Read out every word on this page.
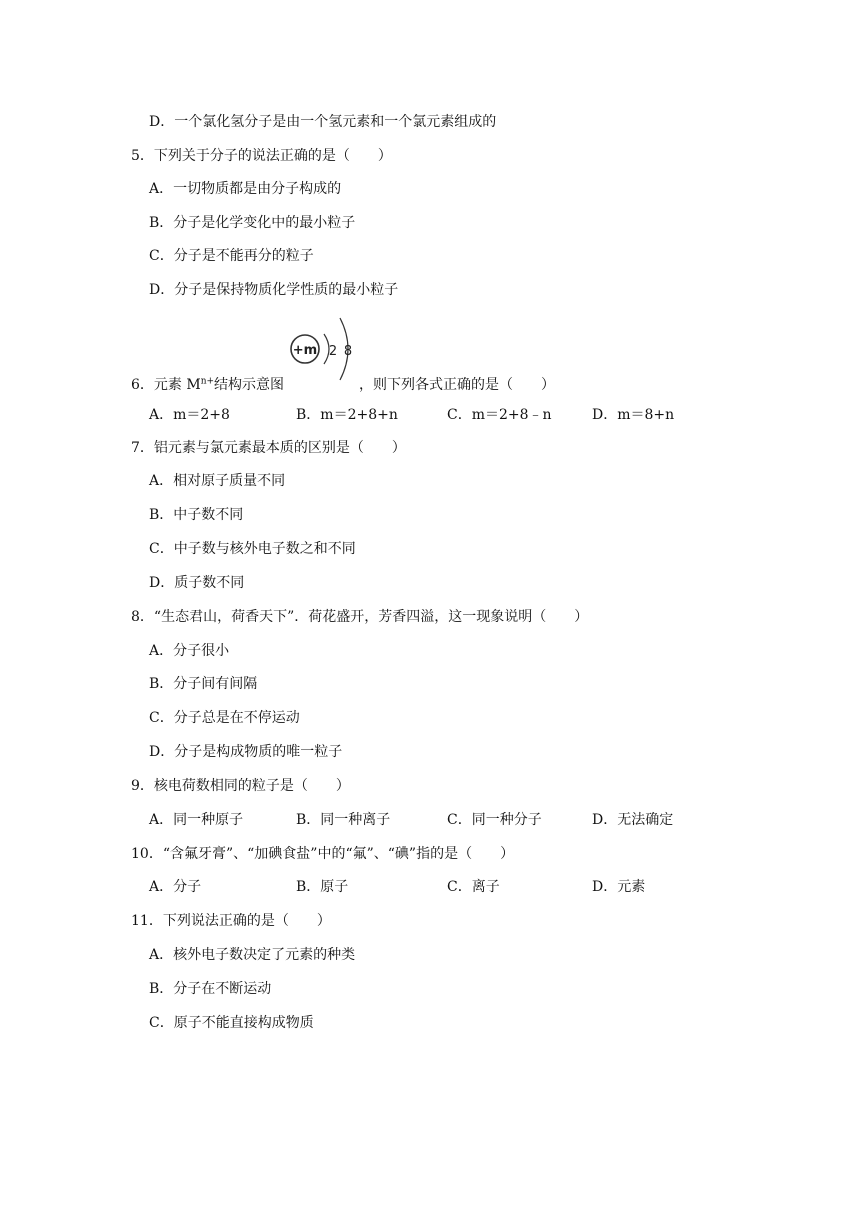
D．一个氯化氢分子是由一个氢元素和一个氯元素组成的
5．下列关于分子的说法正确的是（　　）
A．一切物质都是由分子构成的
B．分子是化学变化中的最小粒子
C．分子是不能再分的粒子
D．分子是保持物质化学性质的最小粒子
+m 2 8
6．元素 $M^{n+}$结构示意图	，则下列各式正确的是（　　）
A．m＝2+8	B．m＝2+8+n	C．m＝2+8﹣n	D．m＝8+n
7．铝元素与氯元素最本质的区别是（　　）
A．相对原子质量不同
B．中子数不同
C．中子数与核外电子数之和不同
D．质子数不同
8．“生态君山，荷香天下”．荷花盛开，芳香四溢，这一现象说明（　　）
A．分子很小
B．分子间有间隔
C．分子总是在不停运动
D．分子是构成物质的唯一粒子
9．核电荷数相同的粒子是（　　）
A．同一种原子	B．同一种离子	C．同一种分子	D．无法确定
10．“含氟牙膏”、“加碘食盐”中的“氟”、“碘”指的是（　　）
A．分子	B．原子	C．离子	D．元素
11．下列说法正确的是（　　）
A．核外电子数决定了元素的种类
B．分子在不断运动
C．原子不能直接构成物质
